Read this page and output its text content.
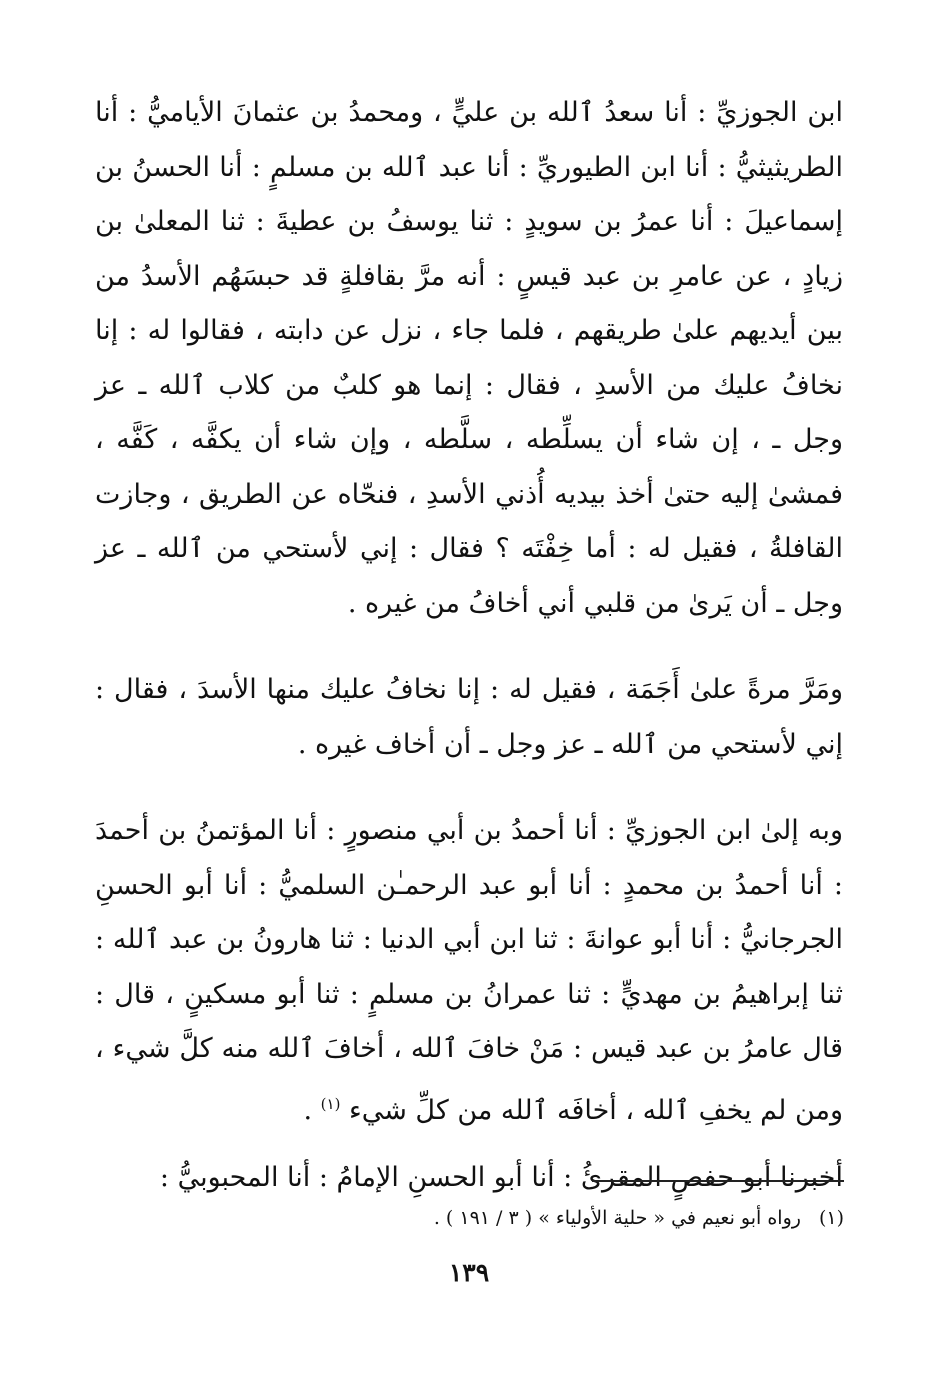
ابن الجوزيِّ : أنا سعدُ ٱلله بن عليٍّ ، ومحمدُ بن عثمانَ الأياميُّ : أنا الطريثيثيُّ : أنا ابن الطيوريِّ : أنا عبد ٱلله بن مسلمٍ : أنا الحسنُ بن إسماعيلَ : أنا عمرُ بن سويدٍ : ثنا يوسفُ بن عطيةَ : ثنا المعلىٰ بن زيادٍ ، عن عامرِ بن عبد قيسٍ : أنه مرَّ بقافلةٍ قد حبسَهُم الأسدُ من بين أيديهم علىٰ طريقهم ، فلما جاء ، نزل عن دابته ، فقالوا له : إنا نخافُ عليك من الأسدِ ، فقال : إنما هو كلبٌ من كلاب ٱلله ـ عز وجل ـ ، إن شاء أن يسلِّطه ، سلَّطه ، وإن شاء أن يكفَّه ، كَفَّه ، فمشىٰ إليه حتىٰ أخذ بيديه أُذني الأسدِ ، فنحّاه عن الطريق ، وجازت القافلةُ ، فقيل له : أما خِفْتَه ؟ فقال : إني لأستحي من ٱلله ـ عز وجل ـ أن يَرىٰ من قلبي أني أخافُ من غيره .

ومَرَّ مرةً علىٰ أَجَمَة ، فقيل له : إنا نخافُ عليك منها الأسدَ ، فقال : إني لأستحي من ٱلله ـ عز وجل ـ أن أخاف غيره .

وبه إلىٰ ابن الجوزيِّ : أنا أحمدُ بن أبي منصورٍ : أنا المؤتمنُ بن أحمدَ : أنا أحمدُ بن محمدٍ : أنا أبو عبد الرحمـٰن السلميُّ : أنا أبو الحسنِ الجرجانيُّ : أنا أبو عوانةَ : ثنا ابن أبي الدنيا : ثنا هارونُ بن عبد ٱلله : ثنا إبراهيمُ بن مهديٍّ : ثنا عمرانُ بن مسلمٍ : ثنا أبو مسكينٍ ، قال : قال عامرُ بن عبد قيس : مَنْ خافَ ٱلله ، أخافَ ٱلله منه كلَّ شيء ، ومن لم يخفِ ٱلله ، أخافَه ٱلله من كلِّ شيء $^{(١)}$ .

أخبرنا أبو حفصٍ المقرئُ : أنا أبو الحسنِ الإمامُ : أنا المحبوبيُّ :

(١)رواه أبو نعيم في « حلية الأولياء » ( ٣ / ١٩١ ) .
١٣٩
